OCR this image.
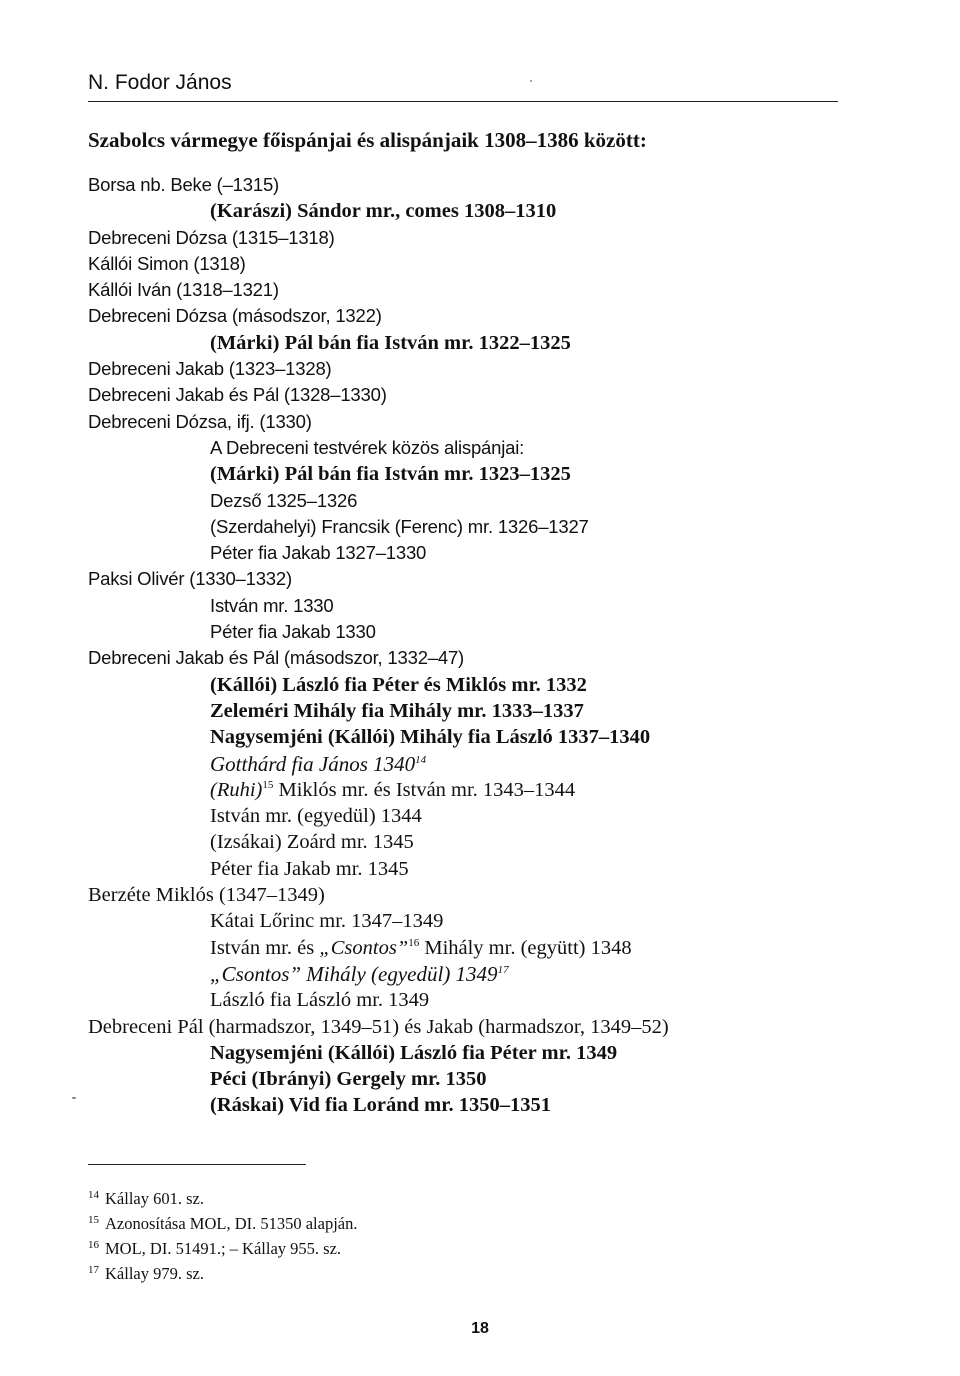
N. Fodor János
Szabolcs vármegye főispánjai és alispánjaik 1308–1386 között:
Borsa nb. Beke (–1315)
(Karászi) Sándor mr., comes 1308–1310
Debreceni Dózsa (1315–1318)
Kállói Simon (1318)
Kállói Iván (1318–1321)
Debreceni Dózsa (másodszor, 1322)
(Márki) Pál bán fia István mr. 1322–1325
Debreceni Jakab (1323–1328)
Debreceni Jakab és Pál (1328–1330)
Debreceni Dózsa, ifj. (1330)
A Debreceni testvérek közös alispánjai:
(Márki) Pál bán fia István mr. 1323–1325
Dezső 1325–1326
(Szerdahelyi) Francsik (Ferenc) mr. 1326–1327
Péter fia Jakab 1327–1330
Paksi Olivér (1330–1332)
István mr. 1330
Péter fia Jakab 1330
Debreceni Jakab és Pál (másodszor, 1332–47)
(Kállói) László fia Péter és Miklós mr. 1332
Zeleméri Mihály fia Mihály mr. 1333–1337
Nagysemjéni (Kállói) Mihály fia László 1337–1340
Gotthárd fia János 1340$^{14}$
(Ruhi)$^{15}$ Miklós mr. és István mr. 1343–1344
István mr. (egyedül) 1344
(Izsákai) Zoárd mr. 1345
Péter fia Jakab mr. 1345
Berzéte Miklós (1347–1349)
Kátai Lőrinc mr. 1347–1349
István mr. és „Csontos”$^{16}$ Mihály mr. (együtt) 1348
„Csontos” Mihály (egyedül) 1349$^{17}$
László fia László mr. 1349
Debreceni Pál (harmadszor, 1349–51) és Jakab (harmadszor, 1349–52)
Nagysemjéni (Kállói) László fia Péter mr. 1349
Péci (Ibrányi) Gergely mr. 1350
(Ráskai) Vid fia Loránd mr. 1350–1351
$^{14}$ Kállay 601. sz.
$^{15}$ Azonosítása MOL, DI. 51350 alapján.
$^{16}$ MOL, DI. 51491.; – Kállay 955. sz.
$^{17}$ Kállay 979. sz.
18
